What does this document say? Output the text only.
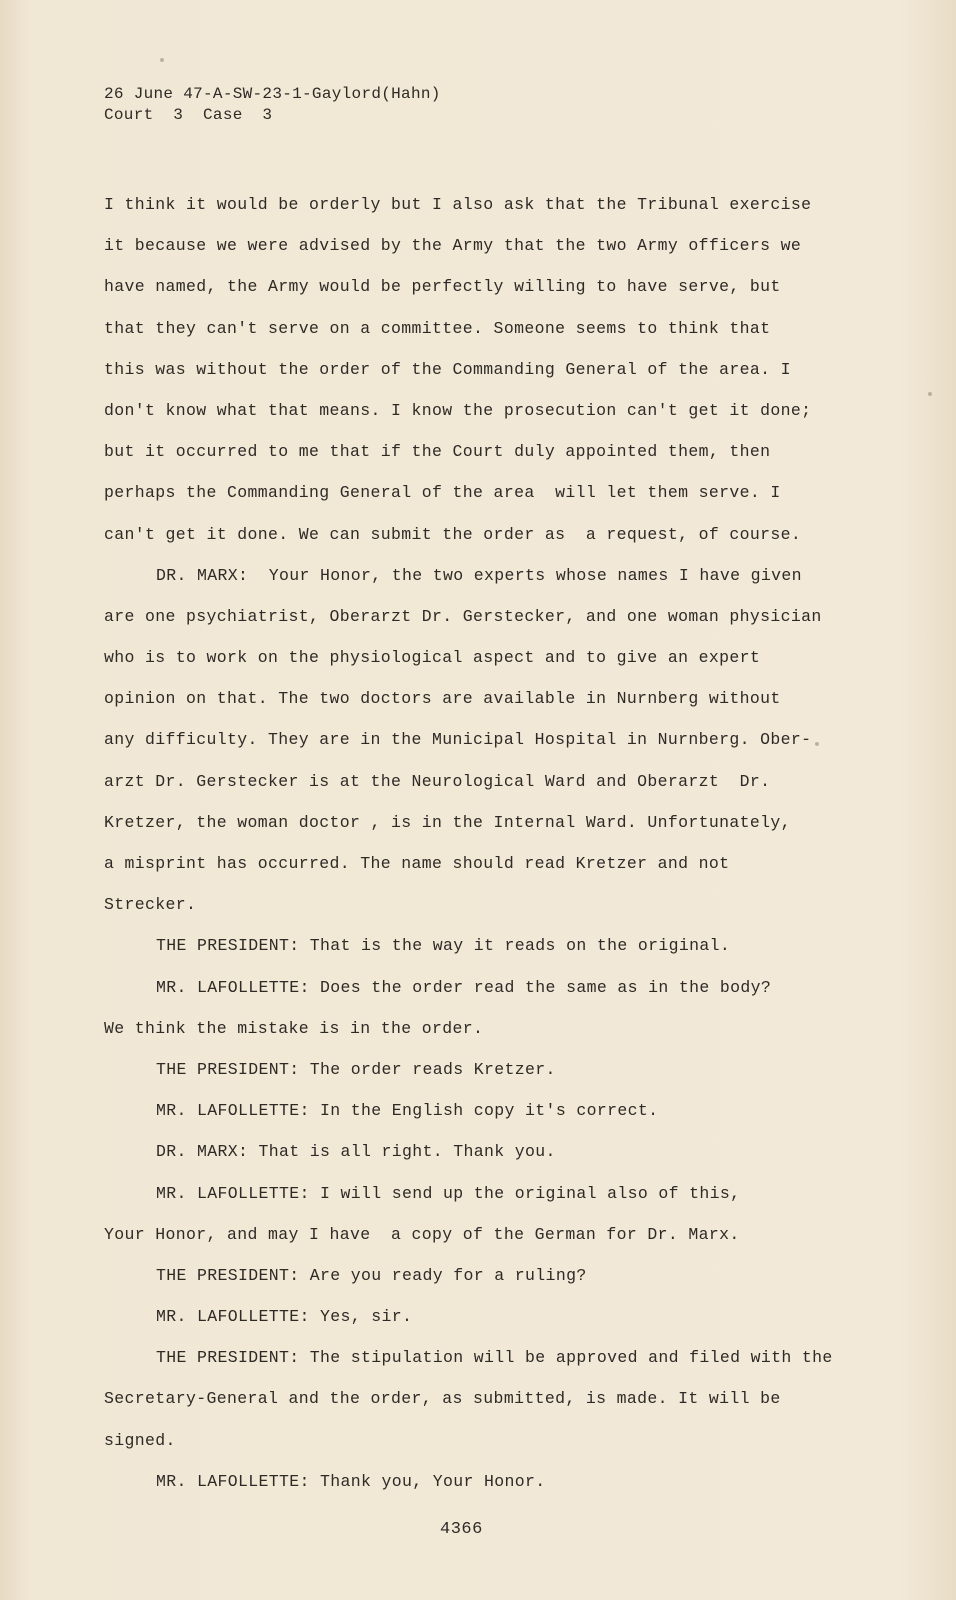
26 June 47-A-SW-23-1-Gaylord(Hahn)
Court  3  Case  3
I think it would be orderly but I also ask that the Tribunal exercise
it because we were advised by the Army that the two Army officers we
have named, the Army would be perfectly willing to have serve, but
that they can't serve on a committee. Someone seems to think that
this was without the order of the Commanding General of the area. I
don't know what that means. I know the prosecution can't get it done;
but it occurred to me that if the Court duly appointed them, then
perhaps the Commanding General of the area  will let them serve. I
can't get it done. We can submit the order as  a request, of course.
DR. MARX:  Your Honor, the two experts whose names I have given
are one psychiatrist, Oberarzt Dr. Gerstecker, and one woman physician
who is to work on the physiological aspect and to give an expert
opinion on that. The two doctors are available in Nurnberg without
any difficulty. They are in the Municipal Hospital in Nurnberg. Ober-
arzt Dr. Gerstecker is at the Neurological Ward and Oberarzt  Dr.
Kretzer, the woman doctor , is in the Internal Ward. Unfortunately,
a misprint has occurred. The name should read Kretzer and not
Strecker.
THE PRESIDENT: That is the way it reads on the original.
MR. LAFOLLETTE: Does the order read the same as in the body?
We think the mistake is in the order.
THE PRESIDENT: The order reads Kretzer.
MR. LAFOLLETTE: In the English copy it's correct.
DR. MARX: That is all right. Thank you.
MR. LAFOLLETTE: I will send up the original also of this,
Your Honor, and may I have  a copy of the German for Dr. Marx.
THE PRESIDENT: Are you ready for a ruling?
MR. LAFOLLETTE: Yes, sir.
THE PRESIDENT: The stipulation will be approved and filed with the
Secretary-General and the order, as submitted, is made. It will be
signed.
MR. LAFOLLETTE: Thank you, Your Honor.
4366
